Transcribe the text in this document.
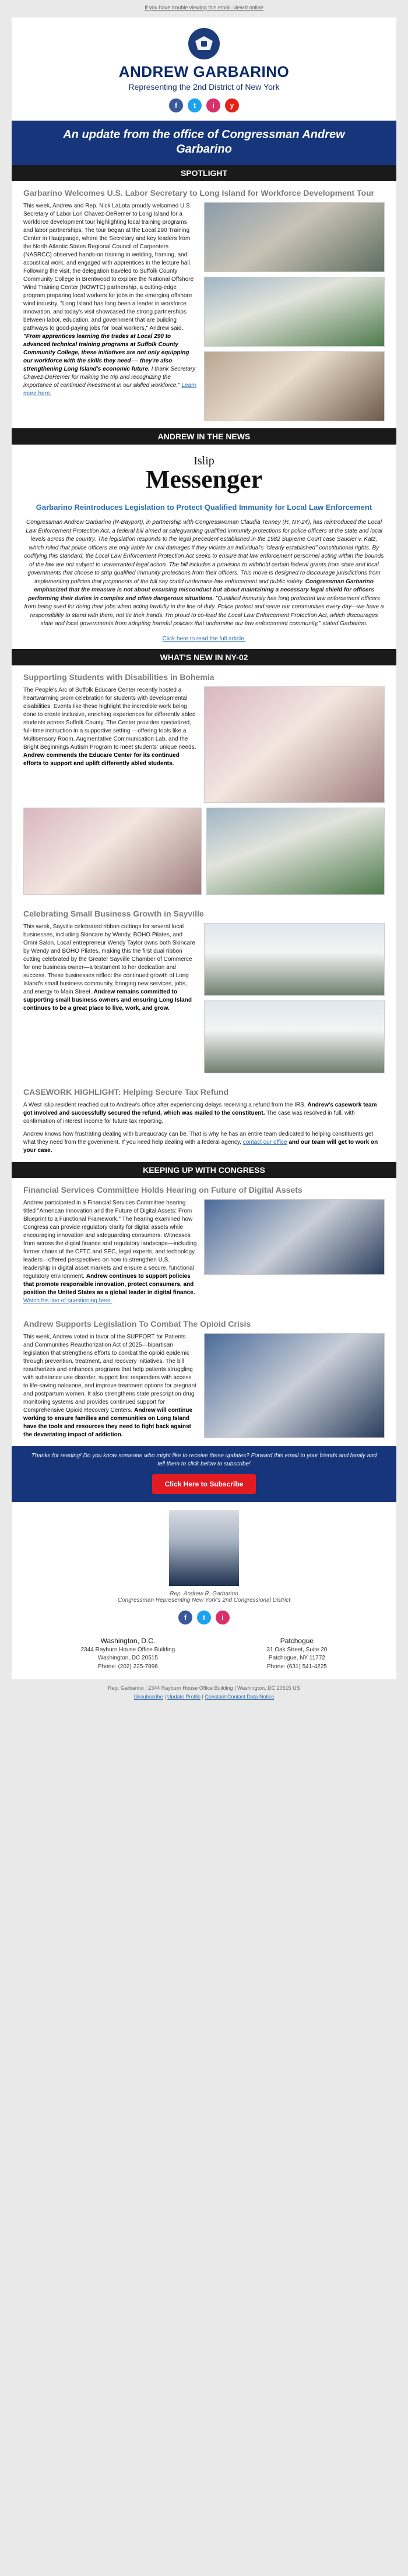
If you have trouble viewing this email, view it online
ANDREW GARBARINO
Representing the 2nd District of New York
f	t	i	y
An update from the office of Congressman Andrew Garbarino
SPOTLIGHT
Garbarino Welcomes U.S. Labor Secretary to Long Island for Workforce Development Tour
This week, Andrew and Rep. Nick LaLota proudly welcomed U.S. Secretary of Labor Lori Chavez-DeRemer to Long Island for a workforce development tour highlighting local training programs and labor partnerships. The tour began at the Local 290 Training Center in Hauppauge, where the Secretary and key leaders from the North Atlantic States Regional Council of Carpenters (NASRCC) observed hands-on training in welding, framing, and acoustical work, and engaged with apprentices in the lecture hall. Following the visit, the delegation traveled to Suffolk County Community College in Brentwood to explore the National Offshore Wind Training Center (NOWTC) partnership, a cutting-edge program preparing local workers for jobs in the emerging offshore wind industry. "Long Island has long been a leader in workforce innovation, and today's visit showcased the strong partnerships between labor, education, and government that are building pathways to good-paying jobs for local workers," Andrew said. "From apprentices learning the trades at Local 290 to advanced technical training programs at Suffolk County Community College, these initiatives are not only equipping our workforce with the skills they need — they're also strengthening Long Island's economic future. I thank Secretary Chavez-DeRemer for making the trip and recognizing the importance of continued investment in our skilled workforce." Learn more here.
ANDREW IN THE NEWS
Islip
Messenger
Garbarino Reintroduces Legislation to Protect Qualified Immunity for Local Law Enforcement
Congressman Andrew Garbarino (R-Bayport), in partnership with Congresswoman Claudia Tenney (R, NY-24), has reintroduced the Local Law Enforcement Protection Act, a federal bill aimed at safeguarding qualified immunity protections for police officers at the state and local levels across the country. The legislation responds to the legal precedent established in the 1982 Supreme Court case Saucier v. Katz, which ruled that police officers are only liable for civil damages if they violate an individual's "clearly established" constitutional rights. By codifying this standard, the Local Law Enforcement Protection Act seeks to ensure that law enforcement personnel acting within the bounds of the law are not subject to unwarranted legal action. The bill includes a provision to withhold certain federal grants from state and local governments that choose to strip qualified immunity protections from their officers. This move is designed to discourage jurisdictions from implementing policies that proponents of the bill say could undermine law enforcement and public safety. Congressman Garbarino emphasized that the measure is not about excusing misconduct but about maintaining a necessary legal shield for officers performing their duties in complex and often dangerous situations. "Qualified immunity has long protected law enforcement officers from being sued for doing their jobs when acting lawfully in the line of duty. Police protect and serve our communities every day—we have a responsibility to stand with them, not tie their hands. I'm proud to co-lead the Local Law Enforcement Protection Act, which discourages state and local governments from adopting harmful policies that undermine our law enforcement community," stated Garbarino.
Click here to read the full article.
WHAT'S NEW IN NY-02
Supporting Students with Disabilities in Bohemia
The People's Arc of Suffolk Educare Center recently hosted a heartwarming prom celebration for students with developmental disabilities. Events like these highlight the incredible work being done to create inclusive, enriching experiences for differently abled students across Suffolk County. The Center provides specialized, full-time instruction in a supportive setting —offering tools like a Multisensory Room, Augmentative Communication Lab, and the Bright Beginnings Autism Program to meet students' unique needs. Andrew commends the Educare Center for its continued efforts to support and uplift differently abled students.
Celebrating Small Business Growth in Sayville
This week, Sayville celebrated ribbon cuttings for several local businesses, including Skincare by Wendy, BOHO Pilates, and Omni Salon. Local entrepreneur Wendy Taylor owns both Skincare by Wendy and BOHO Pilates, making this the first dual ribbon cutting celebrated by the Greater Sayville Chamber of Commerce for one business owner—a testament to her dedication and success. These businesses reflect the continued growth of Long Island's small business community, bringing new services, jobs, and energy to Main Street. Andrew remains committed to supporting small business owners and ensuring Long Island continues to be a great place to live, work, and grow.
CASEWORK HIGHLIGHT: Helping Secure Tax Refund
A West Islip resident reached out to Andrew's office after experiencing delays receiving a refund from the IRS. Andrew's casework team got involved and successfully secured the refund, which was mailed to the constituent. The case was resolved in full, with confirmation of interest income for future tax reporting.
Andrew knows how frustrating dealing with bureaucracy can be. That is why he has an entire team dedicated to helping constituents get what they need from the government. If you need help dealing with a federal agency, contact our office and our team will get to work on your case.
KEEPING UP WITH CONGRESS
Financial Services Committee Holds Hearing on Future of Digital Assets
Andrew participated in a Financial Services Committee hearing titled "American Innovation and the Future of Digital Assets: From Blueprint to a Functional Framework." The hearing examined how Congress can provide regulatory clarity for digital assets while encouraging innovation and safeguarding consumers. Witnesses from across the digital finance and regulatory landscape—including former chairs of the CFTC and SEC, legal experts, and technology leaders—offered perspectives on how to strengthen U.S. leadership in digital asset markets and ensure a secure, functional regulatory environment. Andrew continues to support policies that promote responsible innovation, protect consumers, and position the United States as a global leader in digital finance. Watch his line of questioning here.
Andrew Supports Legislation To Combat The Opioid Crisis
This week, Andrew voted in favor of the SUPPORT for Patients and Communities Reauthorization Act of 2025—bipartisan legislation that strengthens efforts to combat the opioid epidemic through prevention, treatment, and recovery initiatives. The bill reauthorizes and enhances programs that help patients struggling with substance use disorder, support first responders with access to life-saving naloxone, and improve treatment options for pregnant and postpartum women. It also strengthens state prescription drug monitoring systems and provides continued support for Comprehensive Opioid Recovery Centers. Andrew will continue working to ensure families and communities on Long Island have the tools and resources they need to fight back against the devastating impact of addiction.
Thanks for reading! Do you know someone who might like to receive these updates? Forward this email to your friends and family and tell them to click below to subscribe!
Click Here to Subscribe
Rep. Andrew R. Garbarino
Congressman Representing New York's 2nd Congressional District
f	t	i
Washington, D.C.
2344 Rayburn House Office Building
Washington, DC 20515
Phone: (202) 225-7896
Patchogue
31 Oak Street, Suite 20
Patchogue, NY 11772
Phone: (631) 541-4225
Rep. Garbarino | 2344 Rayburn House Office Building | Washington, DC 20515 US
Unsubscribe | Update Profile | Constant Contact Data Notice
